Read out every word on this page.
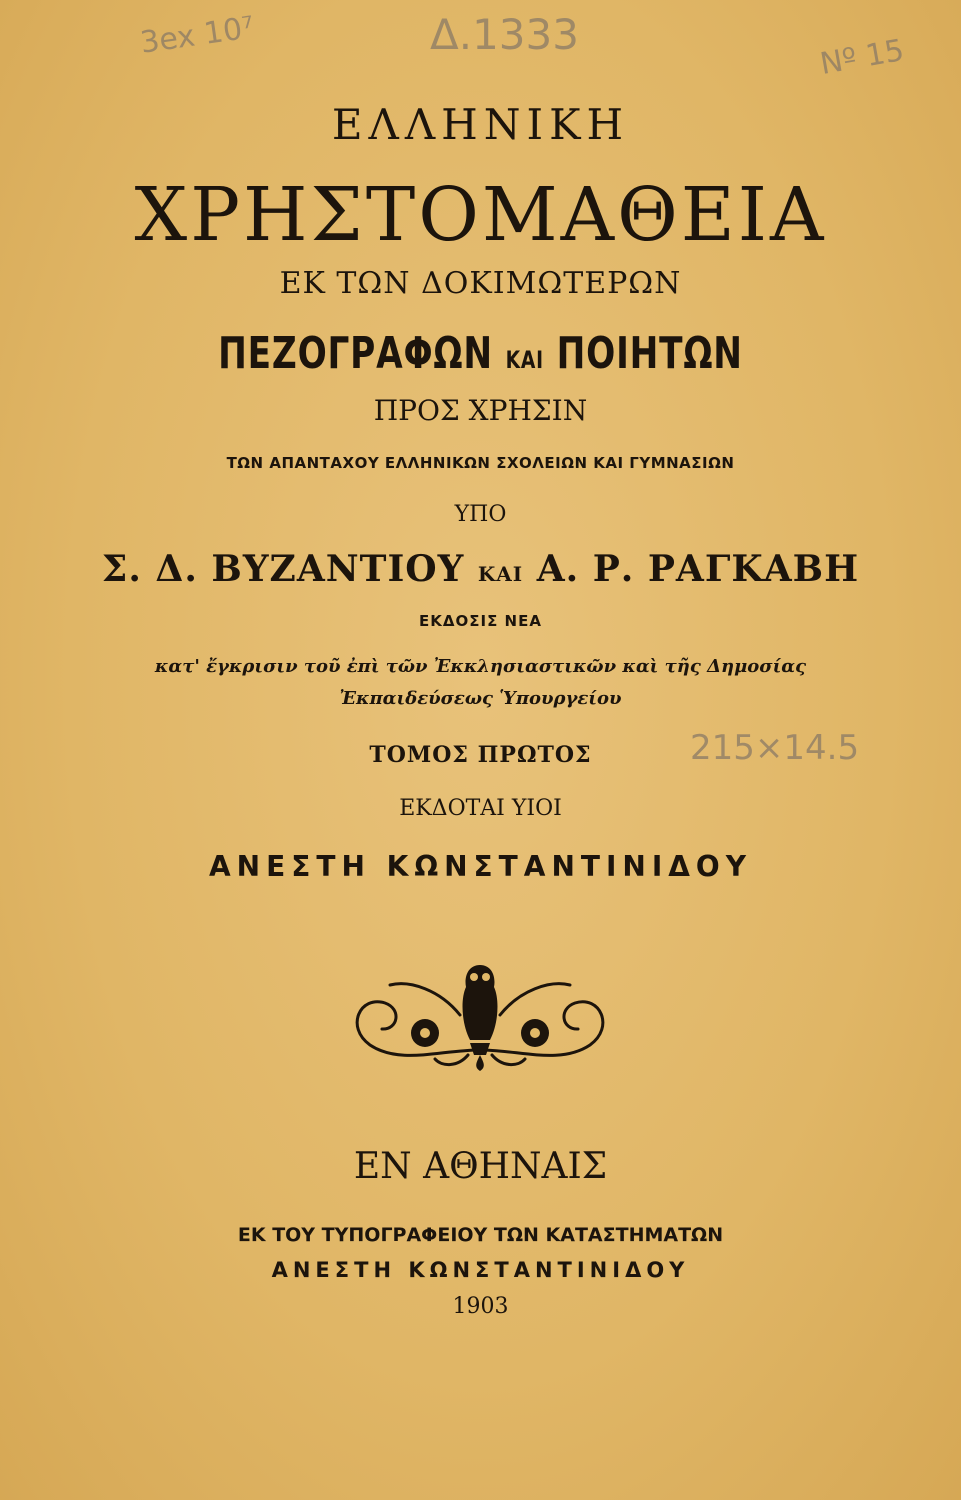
3ex 10⁷	Δ.1333	Nº 15
215×14.5
ΕΛΛΗΝΙΚΗ
ΧΡΗΣΤΟΜΑΘΕΙΑ
ΕΚ ΤΩΝ ΔΟΚΙΜΩΤΕΡΩΝ
ΠΕΖΟΓΡΑΦΩΝ ΚΑΙ ΠΟΙΗΤΩΝ
ΠΡΟΣ ΧΡΗΣΙΝ
ΤΩΝ ΑΠΑΝΤΑΧΟΥ ΕΛΛΗΝΙΚΩΝ ΣΧΟΛΕΙΩΝ ΚΑΙ ΓΥΜΝΑΣΙΩΝ
ΥΠΟ
Σ. Δ. ΒΥΖΑΝΤΙΟΥ ΚΑΙ Α. Ρ. ΡΑΓΚΑΒΗ
ΕΚΔΟΣΙΣ ΝΕΑ
κατ' ἔγκρισιν τοῦ ἐπὶ τῶν Ἐκκλησιαστικῶν καὶ τῆς Δημοσίας
Ἐκπαιδεύσεως Ὑπουργείου
ΤΟΜΟΣ ΠΡΩΤΟΣ
ΕΚΔΟΤΑΙ ΥΙΟΙ
ΑΝΕΣΤΗ ΚΩΝΣΤΑΝΤΙΝΙΔΟΥ
ΕΝ ΑΘΗΝΑΙΣ
ΕΚ ΤΟΥ ΤΥΠΟΓΡΑΦΕΙΟΥ ΤΩΝ ΚΑΤΑΣΤΗΜΑΤΩΝ
ΑΝΕΣΤΗ ΚΩΝΣΤΑΝΤΙΝΙΔΟΥ
1903
